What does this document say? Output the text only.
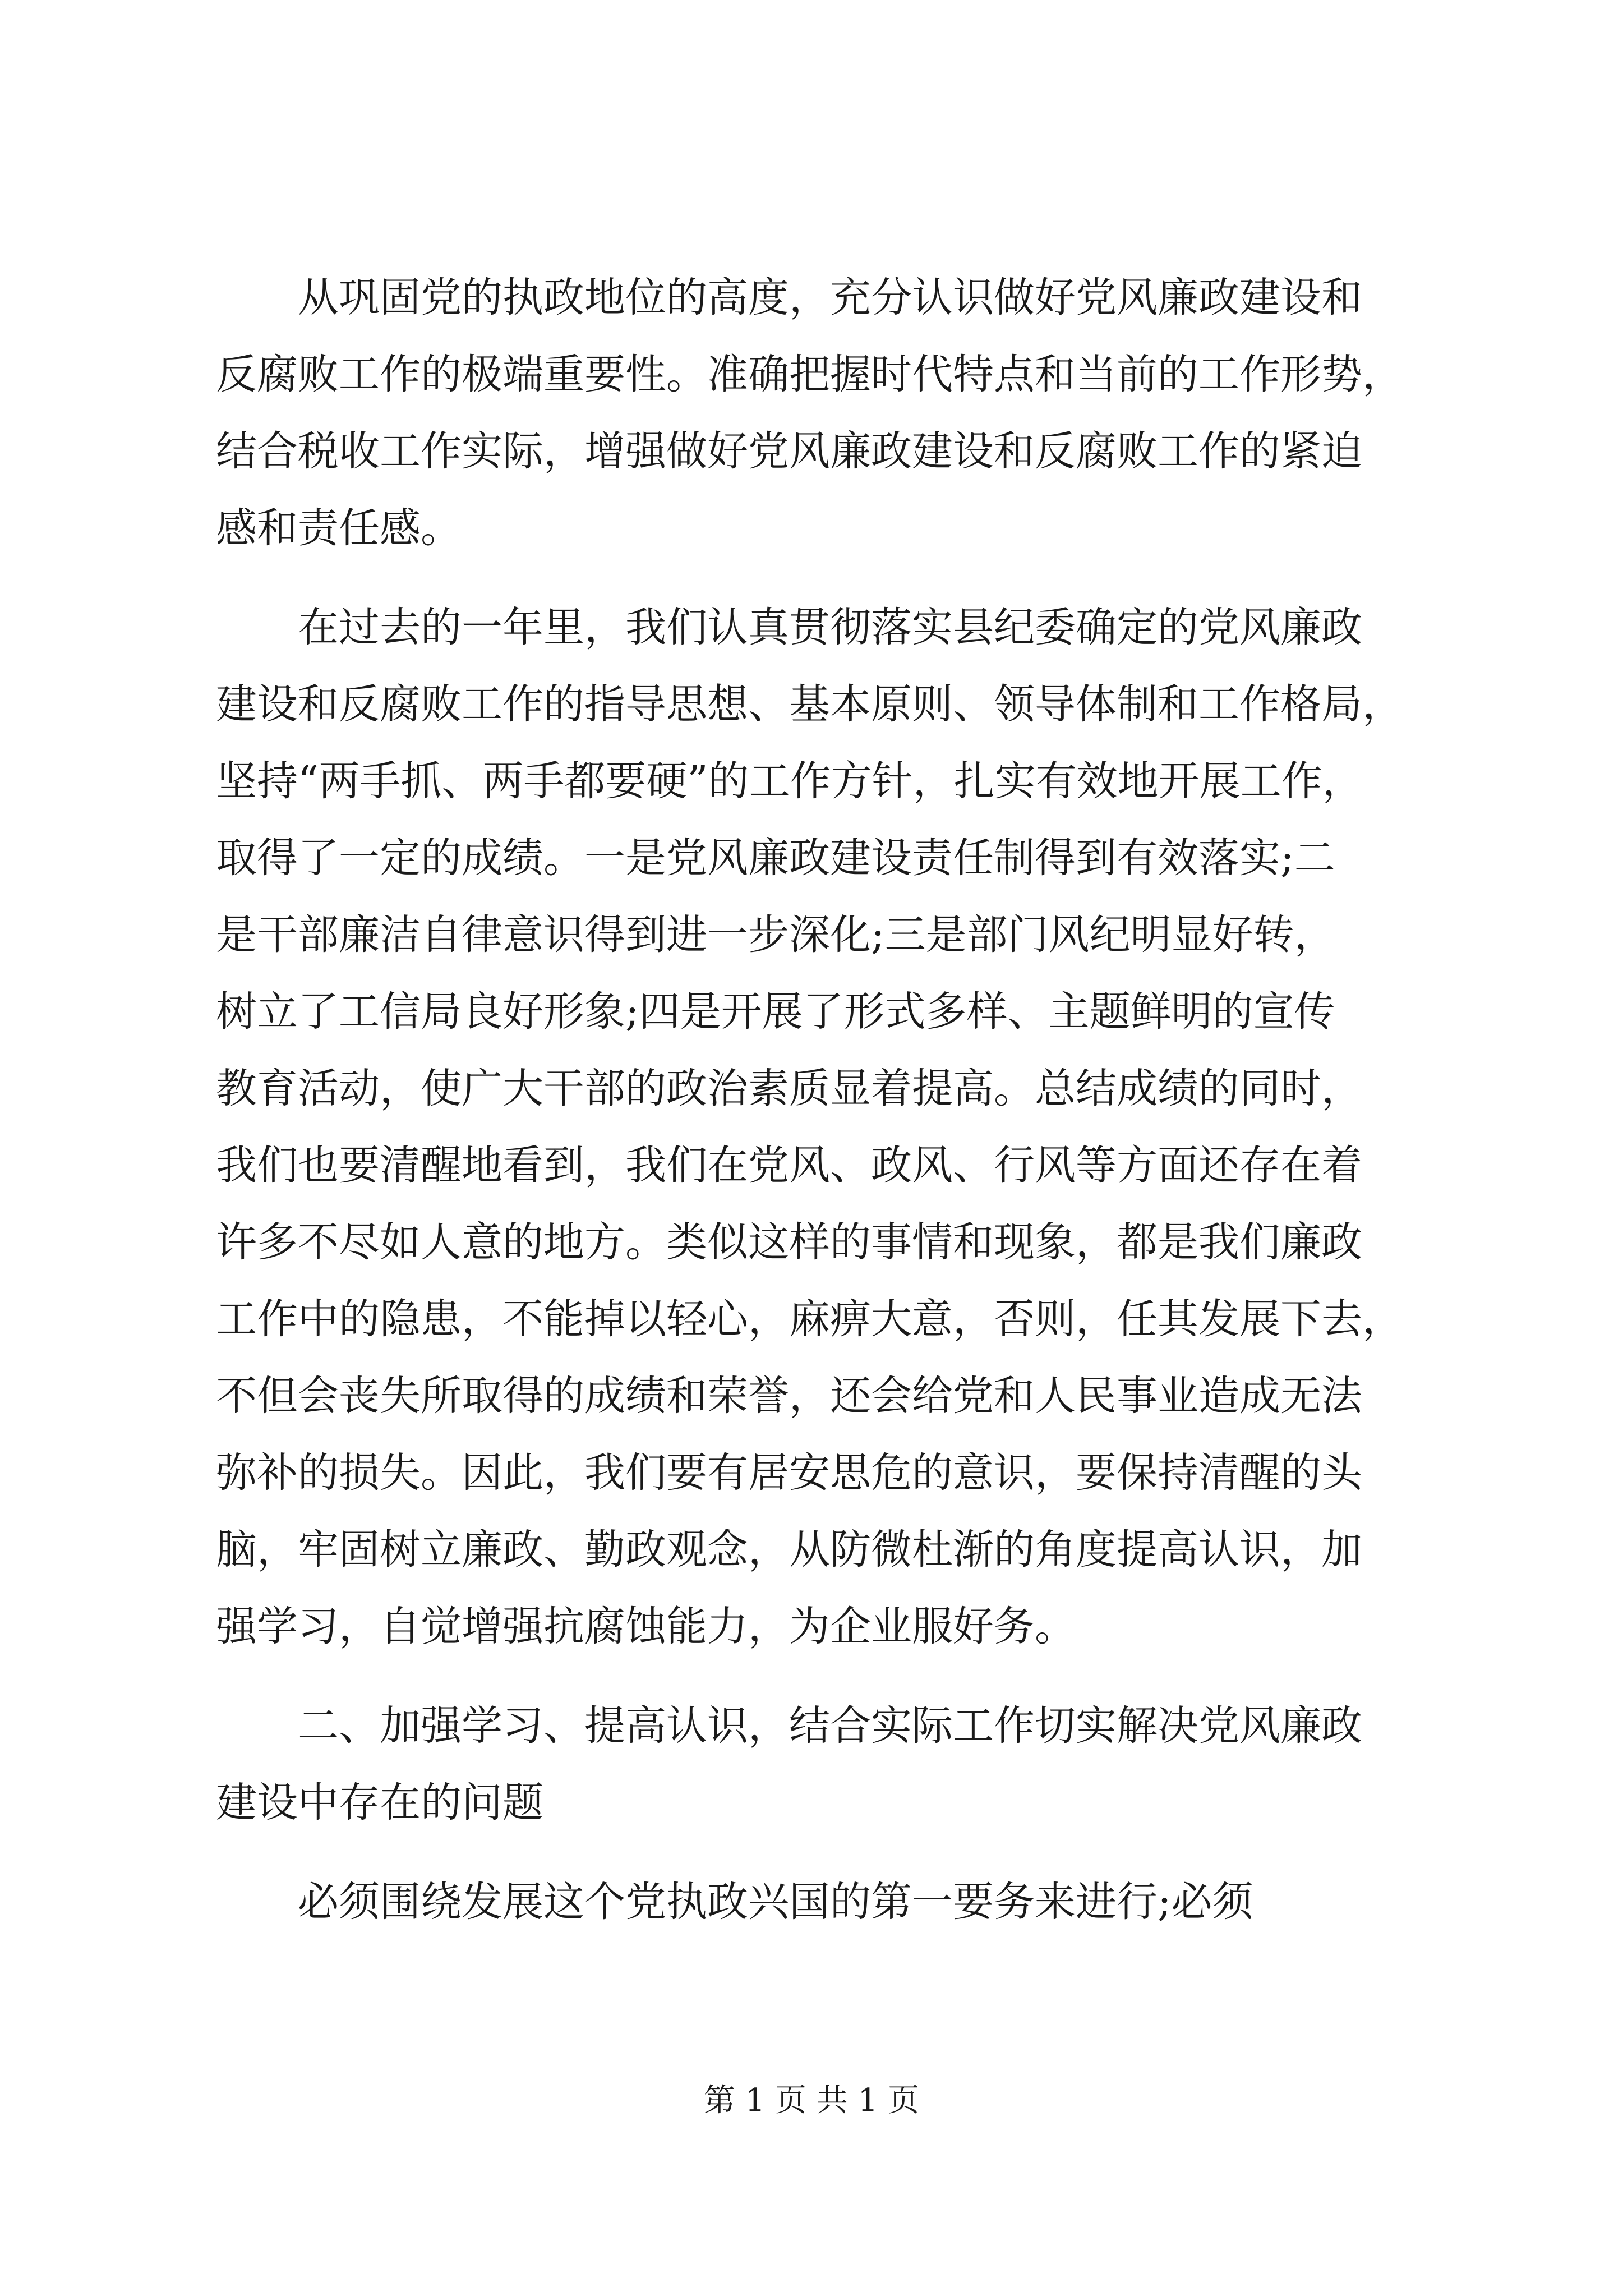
从巩固党的执政地位的高度，充分认识做好党风廉政建设和
反腐败工作的极端重要性。准确把握时代特点和当前的工作形势，
结合税收工作实际，增强做好党风廉政建设和反腐败工作的紧迫
感和责任感。
在过去的一年里，我们认真贯彻落实县纪委确定的党风廉政
建设和反腐败工作的指导思想、基本原则、领导体制和工作格局，
坚持“两手抓、两手都要硬”的工作方针，扎实有效地开展工作，
取得了一定的成绩。一是党风廉政建设责任制得到有效落实;二
是干部廉洁自律意识得到进一步深化;三是部门风纪明显好转，
树立了工信局良好形象;四是开展了形式多样、主题鲜明的宣传
教育活动，使广大干部的政治素质显着提高。总结成绩的同时，
我们也要清醒地看到，我们在党风、政风、行风等方面还存在着
许多不尽如人意的地方。类似这样的事情和现象，都是我们廉政
工作中的隐患，不能掉以轻心，麻痹大意，否则，任其发展下去，
不但会丧失所取得的成绩和荣誉，还会给党和人民事业造成无法
弥补的损失。因此，我们要有居安思危的意识，要保持清醒的头
脑，牢固树立廉政、勤政观念，从防微杜渐的角度提高认识，加
强学习，自觉增强抗腐蚀能力，为企业服好务。
二、加强学习、提高认识，结合实际工作切实解决党风廉政
建设中存在的问题
必须围绕发展这个党执政兴国的第一要务来进行;必须
第 1 页 共 1 页
